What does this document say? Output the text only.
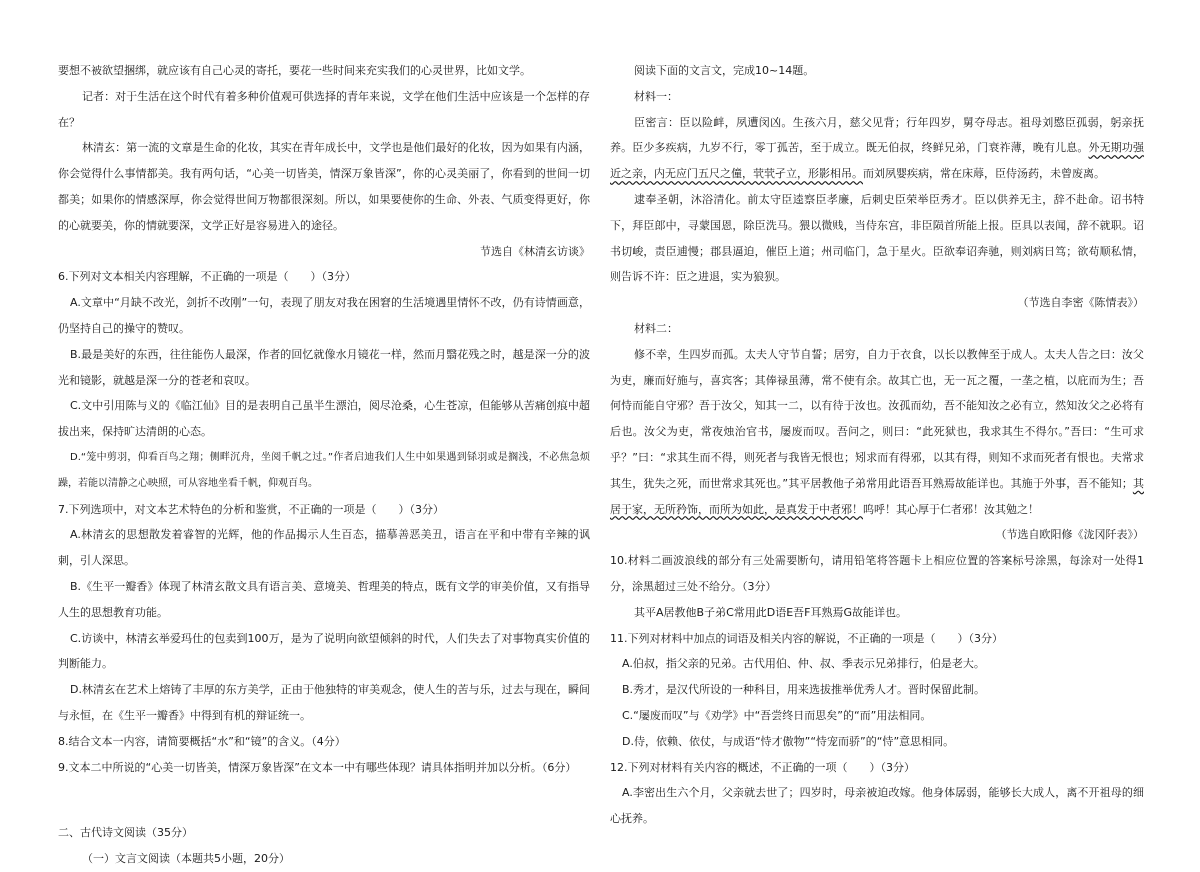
要想不被欲望捆绑，就应该有自己心灵的寄托，要花一些时间来充实我们的心灵世界，比如文学。

记者：对于生活在这个时代有着多种价值观可供选择的青年来说，文学在他们生活中应该是一个怎样的存在？

林清玄：第一流的文章是生命的化妆，其实在青年成长中，文学也是他们最好的化妆，因为如果有内涵，你会觉得什么事情都美。我有两句话，“心美一切皆美，情深万象皆深”，你的心灵美丽了，你看到的世间一切都美；如果你的情感深厚，你会觉得世间万物都很深刻。所以，如果要使你的生命、外表、气质变得更好，你的心就要美，你的情就要深，文学正好是容易进入的途径。

节选自《林清玄访谈》

6.下列对文本相关内容理解，不正确的一项是（　　）（3分）

A.文章中“月缺不改光，剑折不改刚”一句，表现了朋友对我在困窘的生活境遇里情怀不改，仍有诗情画意，仍坚持自己的操守的赞叹。

B.最是美好的东西，往往能伤人最深，作者的回忆就像水月镜花一样，然而月翳花残之时，越是深一分的波光和镜影，就越是深一分的苍老和哀叹。

C.文中引用陈与义的《临江仙》目的是表明自己虽半生漂泊，阅尽沧桑，心生苍凉，但能够从苦痛创痕中超拔出来，保持旷达清朗的心态。

D.“笼中剪羽，仰看百鸟之翔；侧畔沉舟，坐阅千帆之过。”作者启迪我们人生中如果遇到铩羽或是搁浅，不必焦急烦躁，若能以清静之心映照，可从容地坐看千帆，仰观百鸟。

7.下列选项中，对文本艺术特色的分析和鉴赏，不正确的一项是（　　）（3分）

A.林清玄的思想散发着睿智的光辉，他的作品揭示人生百态，描摹善恶美丑，语言在平和中带有辛辣的讽刺，引人深思。

B.《生平一瓣香》体现了林清玄散文具有语言美、意境美、哲理美的特点，既有文学的审美价值，又有指导人生的思想教育功能。

C.访谈中，林清玄举爱玛仕的包卖到100万，是为了说明向欲望倾斜的时代，人们失去了对事物真实价值的判断能力。

D.林清玄在艺术上熔铸了丰厚的东方美学，正由于他独特的审美观念，使人生的苦与乐，过去与现在，瞬间与永恒，在《生平一瓣香》中得到有机的辩证统一。

8.结合文本一内容，请简要概括“水”和“镜”的含义。（4分）

9.文本二中所说的“心美一切皆美，情深万象皆深”在文本一中有哪些体现？请具体指明并加以分析。（6分）

二、古代诗文阅读（35分）

（一）文言文阅读（本题共5小题，20分）

阅读下面的文言文，完成10~14题。

材料一：

臣密言：臣以险衅，夙遭闵凶。生孩六月，慈父见背；行年四岁，舅夺母志。祖母刘愍臣孤弱，躬亲抚养。臣少多疾病，九岁不行，零丁孤苦，至于成立。既无伯叔，终鲜兄弟，门衰祚薄，晚有儿息。外无期功强近之亲，内无应门五尺之僮，茕茕孑立，形影相吊。而刘夙婴疾病，常在床蓐，臣侍汤药，未曾废离。

逮奉圣朝，沐浴清化。前太守臣逵察臣孝廉，后刺史臣荣举臣秀才。臣以供养无主，辞不赴命。诏书特下，拜臣郎中，寻蒙国恩，除臣洗马。猥以微贱，当侍东宫，非臣陨首所能上报。臣具以表闻，辞不就职。诏书切峻，责臣逋慢；郡县逼迫，催臣上道；州司临门，急于星火。臣欲奉诏奔驰，则刘病日笃；欲苟顺私情，则告诉不许：臣之进退，实为狼狈。

（节选自李密《陈情表》）

材料二：

修不幸，生四岁而孤。太夫人守节自誓；居穷，自力于衣食，以长以教俾至于成人。太夫人告之曰：汝父为吏，廉而好施与，喜宾客；其俸禄虽薄，常不使有余。故其亡也，无一瓦之覆，一垄之植，以庇而为生；吾何恃而能自守邪？吾于汝父，知其一二，以有待于汝也。汝孤而幼，吾不能知汝之必有立，然知汝父之必将有后也。汝父为吏，常夜烛治官书，屡废而叹。吾问之，则曰：“此死狱也，我求其生不得尔。”吾曰：“生可求乎？”曰：“求其生而不得，则死者与我皆无恨也；矧求而有得邪，以其有得，则知不求而死者有恨也。夫常求其生，犹失之死，而世常求其死也。”其平居教他子弟常用此语吾耳熟焉故能详也。其施于外事，吾不能知；其居于家，无所矜饰，而所为如此，是真发于中者邪！呜呼！其心厚于仁者邪！汝其勉之！

（节选自欧阳修《泷冈阡表》）

10.材料二画波浪线的部分有三处需要断句，请用铅笔将答题卡上相应位置的答案标号涂黑，每涂对一处得1分，涂黑超过三处不给分。（3分）

其平A居教他B子弟C常用此D语E吾F耳熟焉G故能详也。

11.下列对材料中加点的词语及相关内容的解说，不正确的一项是（　　）（3分）

A.伯叔，指父亲的兄弟。古代用伯、仲、叔、季表示兄弟排行，伯是老大。

B.秀才，是汉代所设的一种科目，用来选拔推举优秀人才。晋时保留此制。

C.“屡废而叹”与《劝学》中“吾尝终日而思矣”的“而”用法相同。

D.侍，依赖、依仗，与成语“恃才傲物”“恃宠而骄”的“恃”意思相同。

12.下列对材料有关内容的概述，不正确的一项（　　）（3分）

A.李密出生六个月，父亲就去世了；四岁时，母亲被迫改嫁。他身体孱弱，能够长大成人，离不开祖母的细心抚养。
